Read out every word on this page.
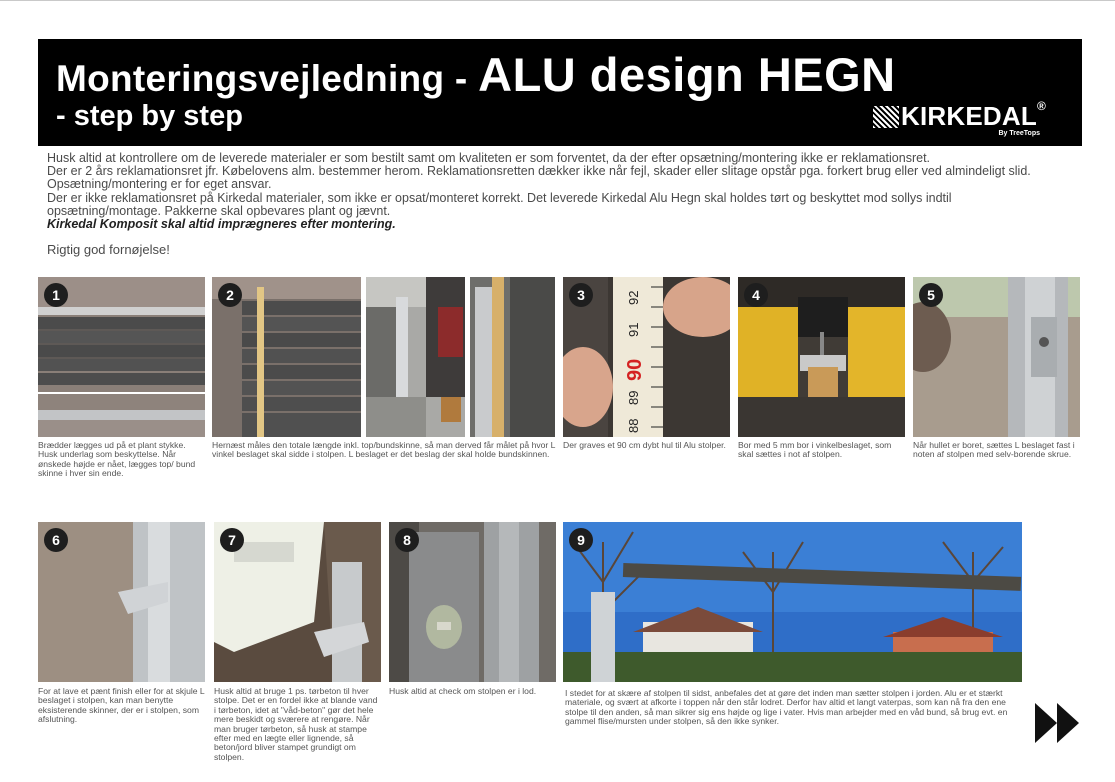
Monteringsvejledning - ALU design HEGN
- step by step	KIRKEDAL®
By TreeTops

Husk altid at kontrollere om de leverede materialer er som bestilt samt om kvaliteten er som forventet, da der efter opsætning/montering ikke er reklamationsret.

Der er 2 års reklamationsret jfr. Købelovens alm. bestemmer herom. Reklamationsretten dækker ikke når fejl, skader eller slitage opstår pga. forkert brug eller ved almindeligt slid. Opsætning/montering er for eget ansvar.

Der er ikke reklamationsret på Kirkedal materialer, som ikke er opsat/monteret korrekt. Det leverede Kirkedal Alu Hegn skal holdes tørt og beskyttet mod sollys indtil opsætning/montage. Pakkerne skal opbevares plant og jævnt.

Kirkedal Komposit skal altid imprægneres efter montering.

Rigtig god fornøjelse!
1
Brædder lægges ud på et plant stykke. Husk underlag som beskyttelse. Når ønskede højde er nået, lægges top/ bund skinne i hver sin ende.
2
Hernæst måles den totale længde inkl. top/bundskinne, så man derved får målet på hvor L vinkel beslaget skal sidde i stolpen. L beslaget er det beslag der skal holde bundskinnen.
92
91
90
89
88
3
Der graves et 90 cm dybt hul til Alu stolper.
4
Bor med 5 mm bor i vinkelbeslaget, som skal sættes i not af stolpen.
5
Når hullet er boret, sættes L beslaget fast i noten af stolpen med selv-borende skrue.
6
For at lave et pænt finish eller for at skjule L beslaget i stolpen, kan man benytte eksisterende skinner, der er i stolpen, som afslutning.
7
Husk altid at bruge 1 ps. tørbeton til hver stolpe. Det er en fordel ikke at blande vand i tørbeton, idet at "våd-beton" gør det hele mere beskidt og sværere at rengøre. Når man bruger tørbeton, så husk at stampe efter med en lægte eller lignende, så beton/jord bliver stampet grundigt om stolpen.
8
Husk altid at check om stolpen er i lod.
9
I stedet for at skære af stolpen til sidst, anbefales det at gøre det inden man sætter stolpen i jorden. Alu er et stærkt materiale, og svært at afkorte i toppen når den står lodret. Derfor hav altid et langt vaterpas, som kan nå fra den ene stolpe til den anden, så man sikrer sig ens højde og lige i vater. Hvis man arbejder med en våd bund, så brug evt. en gammel flise/mursten under stolpen, så den ikke synker.
